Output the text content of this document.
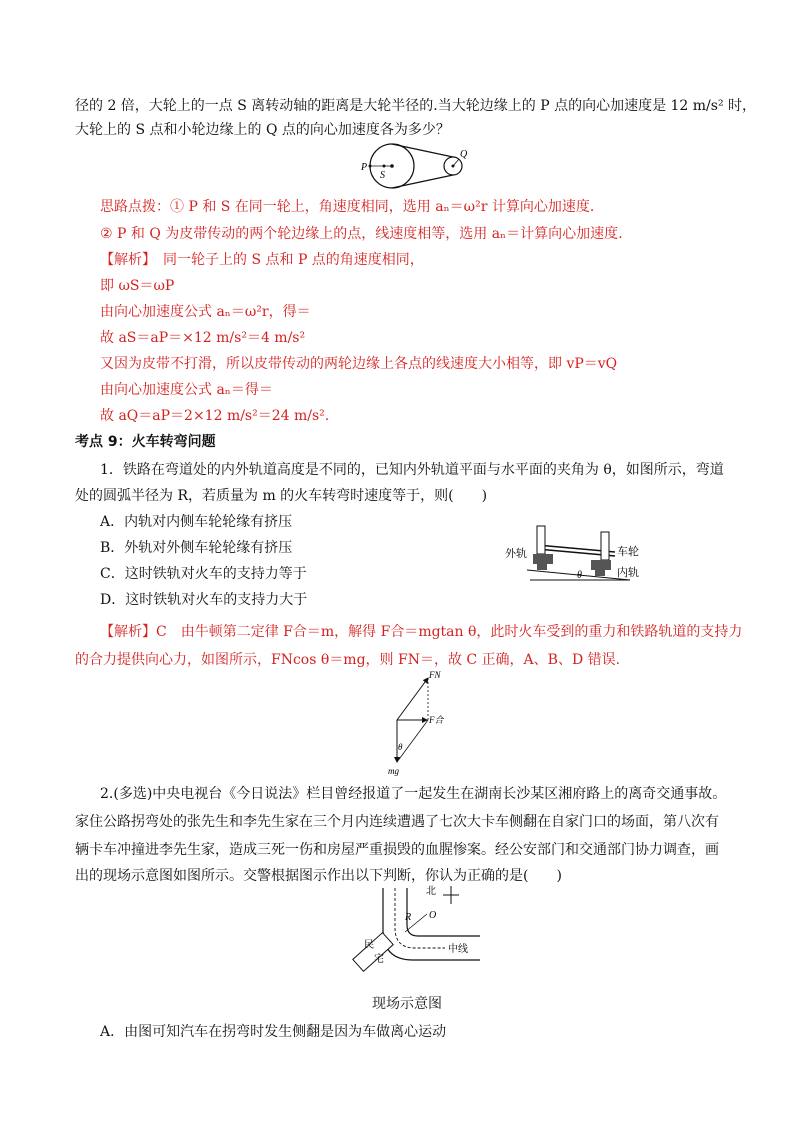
径的 2 倍，大轮上的一点 S 离转动轴的距离是大轮半径的.当大轮边缘上的 P 点的向心加速度是 12 m/s² 时，
大轮上的 S 点和小轮边缘上的 Q 点的向心加速度各为多少？
P
S
Q
思路点拨：① P 和 S 在同一轮上，角速度相同，选用 aₙ＝ω²r 计算向心加速度.
② P 和 Q 为皮带传动的两个轮边缘上的点，线速度相等，选用 aₙ＝计算向心加速度.
【解析】　同一轮子上的 S 点和 P 点的角速度相同，
即 ωS＝ωP
由向心加速度公式 aₙ＝ω²r，得＝
故 aS＝aP＝×12 m/s²＝4 m/s²
又因为皮带不打滑，所以皮带传动的两轮边缘上各点的线速度大小相等，即 vP＝vQ
由向心加速度公式 aₙ＝得＝
故 aQ＝aP＝2×12 m/s²＝24 m/s².
考点 9：火车转弯问题
1．铁路在弯道处的内外轨道高度是不同的，已知内外轨道平面与水平面的夹角为 θ，如图所示，弯道
处的圆弧半径为 R，若质量为 m 的火车转弯时速度等于，则(　　)
A．内轨对内侧车轮轮缘有挤压
B．外轨对外侧车轮轮缘有挤压
C．这时铁轨对火车的支持力等于
D．这时铁轨对火车的支持力大于
θ
外轨	车轮
内轨
【解析】C　由牛顿第二定律 F合＝m，解得 F合＝mgtan θ，此时火车受到的重力和铁路轨道的支持力
的合力提供向心力，如图所示，FNcos θ＝mg，则 FN＝，故 C 正确，A、B、D 错误.
FN
F合
θ
mg
2.(多选)中央电视台《今日说法》栏目曾经报道了一起发生在湖南长沙某区湘府路上的离奇交通事故。
家住公路拐弯处的张先生和李先生家在三个月内连续遭遇了七次大卡车侧翻在自家门口的场面，第八次有
辆卡车冲撞进李先生家，造成三死一伤和房屋严重损毁的血腥惨案。经公安部门和交通部门协力调查，画
出的现场示意图如图所示。交警根据图示作出以下判断，你认为正确的是(　　)
民
宅
北
R O
中线
现场示意图
A．由图可知汽车在拐弯时发生侧翻是因为车做离心运动
